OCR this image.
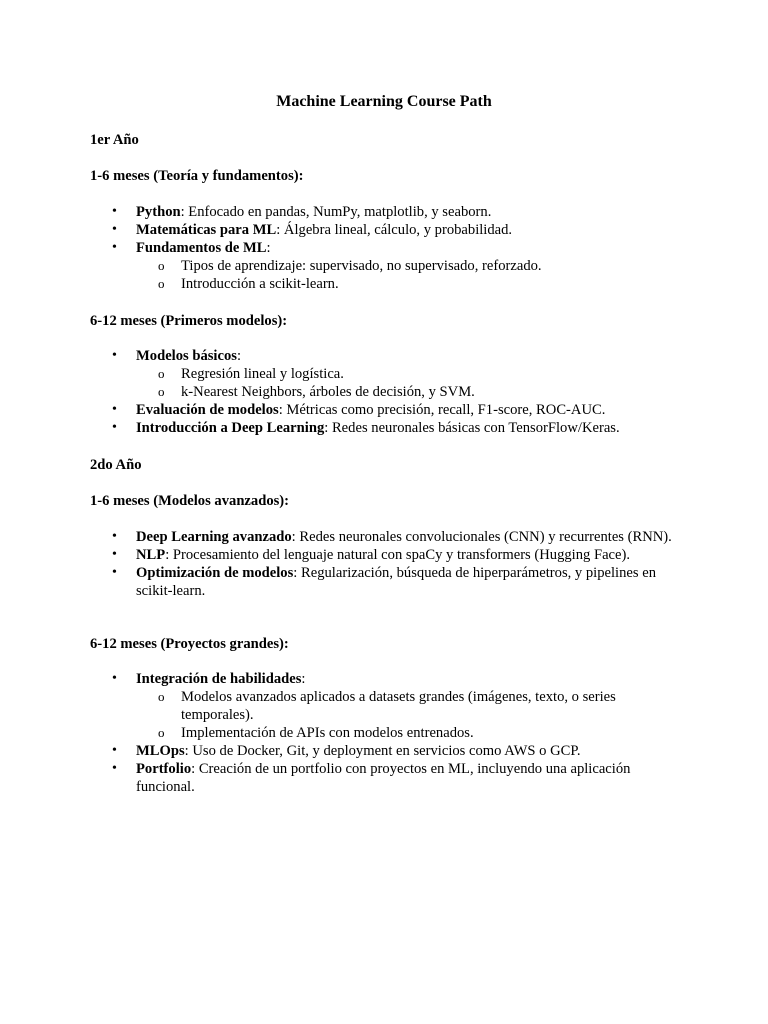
Machine Learning Course Path

1er Año

1-6 meses (Teoría y fundamentos):

• Python: Enfocado en pandas, NumPy, matplotlib, y seaborn.
• Matemáticas para ML: Álgebra lineal, cálculo, y probabilidad.
• Fundamentos de ML:
o Tipos de aprendizaje: supervisado, no supervisado, reforzado.
o Introducción a scikit-learn.

6-12 meses (Primeros modelos):

• Modelos básicos:
o Regresión lineal y logística.
o k-Nearest Neighbors, árboles de decisión, y SVM.
• Evaluación de modelos: Métricas como precisión, recall, F1-score, ROC-AUC.
• Introducción a Deep Learning: Redes neuronales básicas con TensorFlow/Keras.

2do Año

1-6 meses (Modelos avanzados):

• Deep Learning avanzado: Redes neuronales convolucionales (CNN) y recurrentes (RNN).
• NLP: Procesamiento del lenguaje natural con spaCy y transformers (Hugging Face).
• Optimización de modelos: Regularización, búsqueda de hiperparámetros, y pipelines en scikit-learn.

6-12 meses (Proyectos grandes):

• Integración de habilidades:
o Modelos avanzados aplicados a datasets grandes (imágenes, texto, o series temporales).
o Implementación de APIs con modelos entrenados.
• MLOps: Uso de Docker, Git, y deployment en servicios como AWS o GCP.
• Portfolio: Creación de un portfolio con proyectos en ML, incluyendo una aplicación funcional.
